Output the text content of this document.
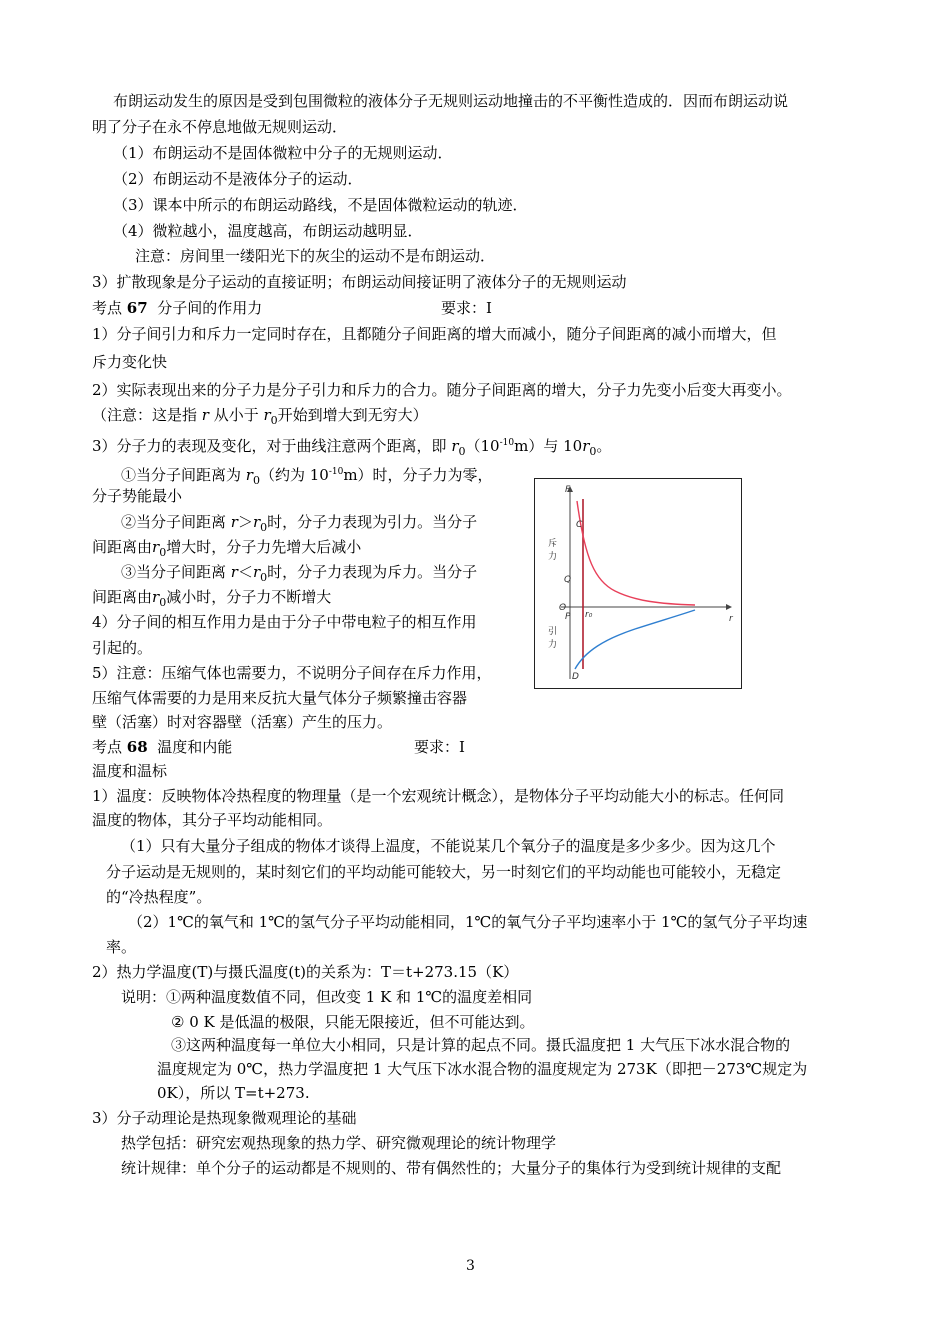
布朗运动发生的原因是受到包围微粒的液体分子无规则运动地撞击的不平衡性造成的．因而布朗运动说
明了分子在永不停息地做无规则运动．
（1）布朗运动不是固体微粒中分子的无规则运动．
（2）布朗运动不是液体分子的运动．
（3）课本中所示的布朗运动路线，不是固体微粒运动的轨迹．
（4）微粒越小，温度越高，布朗运动越明显．
注意：房间里一缕阳光下的灰尘的运动不是布朗运动．
3）扩散现象是分子运动的直接证明；布朗运动间接证明了液体分子的无规则运动
考点 67 分子间的作用力	要求：Ⅰ
1）分子间引力和斥力一定同时存在，且都随分子间距离的增大而减小，随分子间距离的减小而增大，但
斥力变化快
2）实际表现出来的分子力是分子引力和斥力的合力。随分子间距离的增大，分子力先变小后变大再变小。
（注意：这是指 r 从小于 $r_0$开始到增大到无穷大）
3）分子力的表现及变化，对于曲线注意两个距离，即 $r_0(10^{-10}m)$与 $10r_0$。
①当分子间距离为 $r_0$（约为 $10^{-10}m$）时，分子力为零，
分子势能最小
②当分子间距离 $r>r_0$时，分子力表现为引力。当分子
间距离由$r_0$增大时，分子力先增大后减小
③当分子间距离 $r<r_0$时，分子力表现为斥力。当分子
间距离由$r_0$减小时，分子力不断增大
4）分子间的相互作用力是由于分子中带电粒子的相互作用
引起的。
5）注意：压缩气体也需要力，不说明分子间存在斥力作用，
压缩气体需要的力是用来反抗大量气体分子频繁撞击容器
壁（活塞）时对容器壁（活塞）产生的压力。
F
r
O
C
Q
P
D
r₀
斥
力
引
力
考点 68 温度和内能	要求：Ⅰ
温度和温标
1）温度：反映物体冷热程度的物理量（是一个宏观统计概念），是物体分子平均动能大小的标志。任何同
温度的物体，其分子平均动能相同。
（1）只有大量分子组成的物体才谈得上温度，不能说某几个氧分子的温度是多少多少。因为这几个
分子运动是无规则的，某时刻它们的平均动能可能较大，另一时刻它们的平均动能也可能较小，无稳定
的“冷热程度”。
（2）1℃的氧气和 1℃的氢气分子平均动能相同，1℃的氧气分子平均速率小于 1℃的氢气分子平均速
率。
2）热力学温度(T)与摄氏温度(t)的关系为：T＝t+273.15（K）
说明：①两种温度数值不同，但改变 1 K 和 1℃的温度差相同
② 0 K 是低温的极限，只能无限接近，但不可能达到。
③这两种温度每一单位大小相同，只是计算的起点不同。摄氏温度把 1 大气压下冰水混合物的
温度规定为 0℃，热力学温度把 1 大气压下冰水混合物的温度规定为 273K（即把－273℃规定为
0K），所以 T=t+273.
3）分子动理论是热现象微观理论的基础
热学包括：研究宏观热现象的热力学、研究微观理论的统计物理学
统计规律：单个分子的运动都是不规则的、带有偶然性的；大量分子的集体行为受到统计规律的支配
3
